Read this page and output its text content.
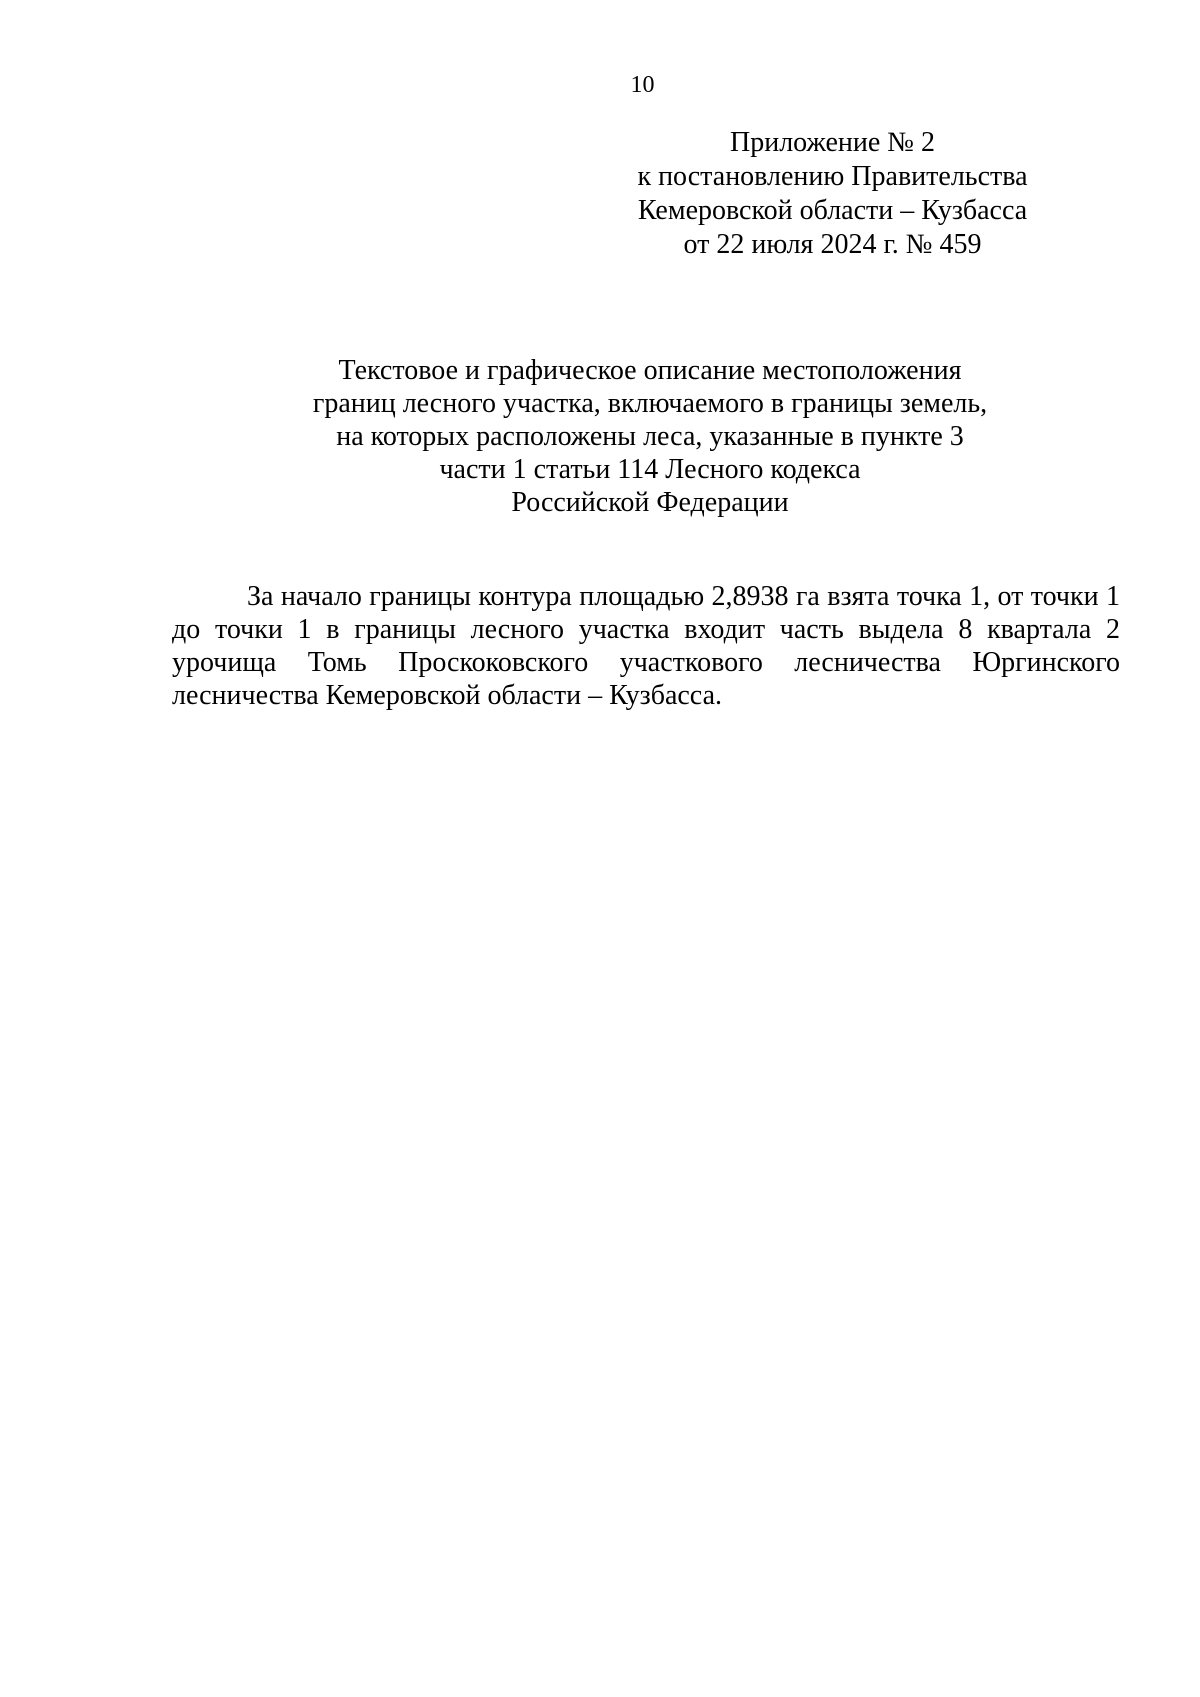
10
Приложение № 2
к постановлению Правительства
Кемеровской области – Кузбасса
от 22 июля 2024 г. № 459
Текстовое и графическое описание местоположения
границ лесного участка, включаемого в границы земель,
на которых расположены леса, указанные в пункте 3
части 1 статьи 114 Лесного кодекса
Российской Федерации

За начало границы контура площадью 2,8938 га взята точка 1, от точки 1 до точки 1 в границы лесного участка входит часть выдела 8 квартала 2 урочища Томь Проскоковского участкового лесничества Юргинского лесничества Кемеровской области – Кузбасса.
